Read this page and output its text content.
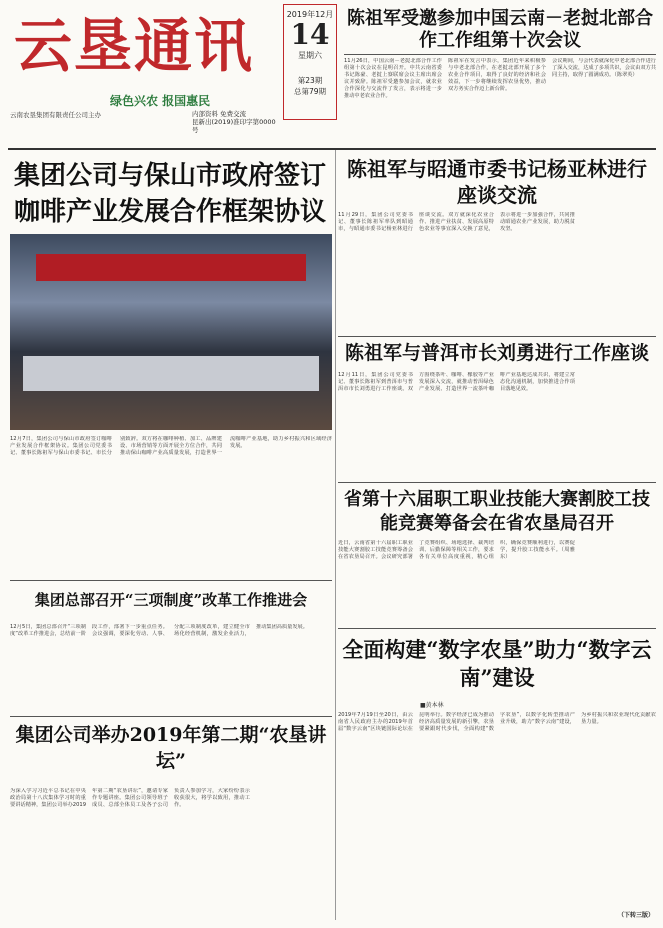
云垦通讯
绿色兴农 报国惠民
云南农垦集团有限责任公司主办	内部资料 免费交流
昆新出(2019)准印字第0000号
2019年12月
14
星期六
第23期
总第79期
陈祖军受邀参加中国云南－老挝北部合作工作组第十次会议
11月26日，中国云南－老挝北部合作工作组第十次会议在昆明召开。中共云南省委书记陈豪、老挝上寮联席会议主席出席会议并致辞。陈祖军受邀参加会议，就农业合作深化与交流作了发言，表示将进一步推动中老农业合作。
陈祖军在发言中表示，集团近年来积极参与中老北部合作，在老挝北部开展了多个农业合作项目，取得了良好的经济和社会效益，下一步将继续发挥农垦优势，推动双方务实合作迈上新台阶。
会议期间，与会代表就深化中老北部合作进行了深入交流，达成了多项共识，会议由双方共同主持，取得了圆满成功。（陈翠英）
集团公司与保山市政府签订咖啡产业发展合作框架协议
12月7日，集团公司与保山市政府签订咖啡产业发展合作框架协议。集团公司党委书记、董事长陈祖军与保山市委书记、市长分别致辞。双方将在咖啡种植、加工、品牌建设、市场营销等方面开展全方位合作，共同推动保山咖啡产业高质量发展，打造世界一流咖啡产业基地，助力乡村振兴和区域经济发展。
陈祖军与昭通市委书记杨亚林进行座谈交流
11月29日，集团公司党委书记、董事长陈祖军率队到昭通市，与昭通市委书记杨亚林进行座谈交流。双方就深化农业合作、推进产业扶贫、发展高原特色农业等事宜深入交换了意见，表示将进一步加强合作，共同推动昭通农业产业发展，助力脱贫攻坚。
陈祖军与普洱市长刘勇进行工作座谈
12月11日，集团公司党委书记、董事长陈祖军到普洱市与普洱市市长刘勇进行工作座谈。双方围绕茶叶、咖啡、橡胶等产业发展深入交流，就推动普洱绿色产业发展、打造世界一流茶叶咖啡产业基地达成共识，将建立常态化沟通机制，加快推进合作项目落地见效。
省第十六届职工职业技能大赛割胶工技能竞赛筹备会在省农垦局召开
近日，云南省第十六届职工职业技能大赛割胶工技能竞赛筹备会在省农垦局召开。会议研究部署了竞赛组织、场地选择、裁判培训、后勤保障等相关工作，要求各有关单位高度重视，精心组织，确保竞赛顺利进行，以赛促学，提升胶工技能水平。（周雅东）
集团总部召开“三项制度”改革工作推进会
12月5日，集团总部召开“三项制度”改革工作推进会，总结前一阶段工作，部署下一步重点任务。会议强调，要深化劳动、人事、分配三项制度改革，建立健全市场化经营机制，激发企业活力，推动集团高质量发展。
集团公司举办2019年第二期“农垦讲坛”
为深入学习习近平总书记在中央政治局第十八次集体学习时的重要讲话精神，集团公司举办2019年第二期“农垦讲坛”，邀请专家作专题讲座。集团公司领导班子成员、总部全体员工及各子公司负责人参加学习，大家纷纷表示收获很大，将学以致用，推动工作。
全面构建“数字农垦”助力“数字云南”建设
■黄本林
2019年7月19日至20日，由云南省人民政府主办的2019年首届“数字云南”区块链国际论坛在昆明举行。数字经济已成为推动经济高质量发展的新引擎，农垦要紧跟时代步伐，全面构建“数字农垦”，以数字化转型推动产业升级，助力“数字云南”建设，为乡村振兴和农业现代化贡献农垦力量。
（下转三版）
